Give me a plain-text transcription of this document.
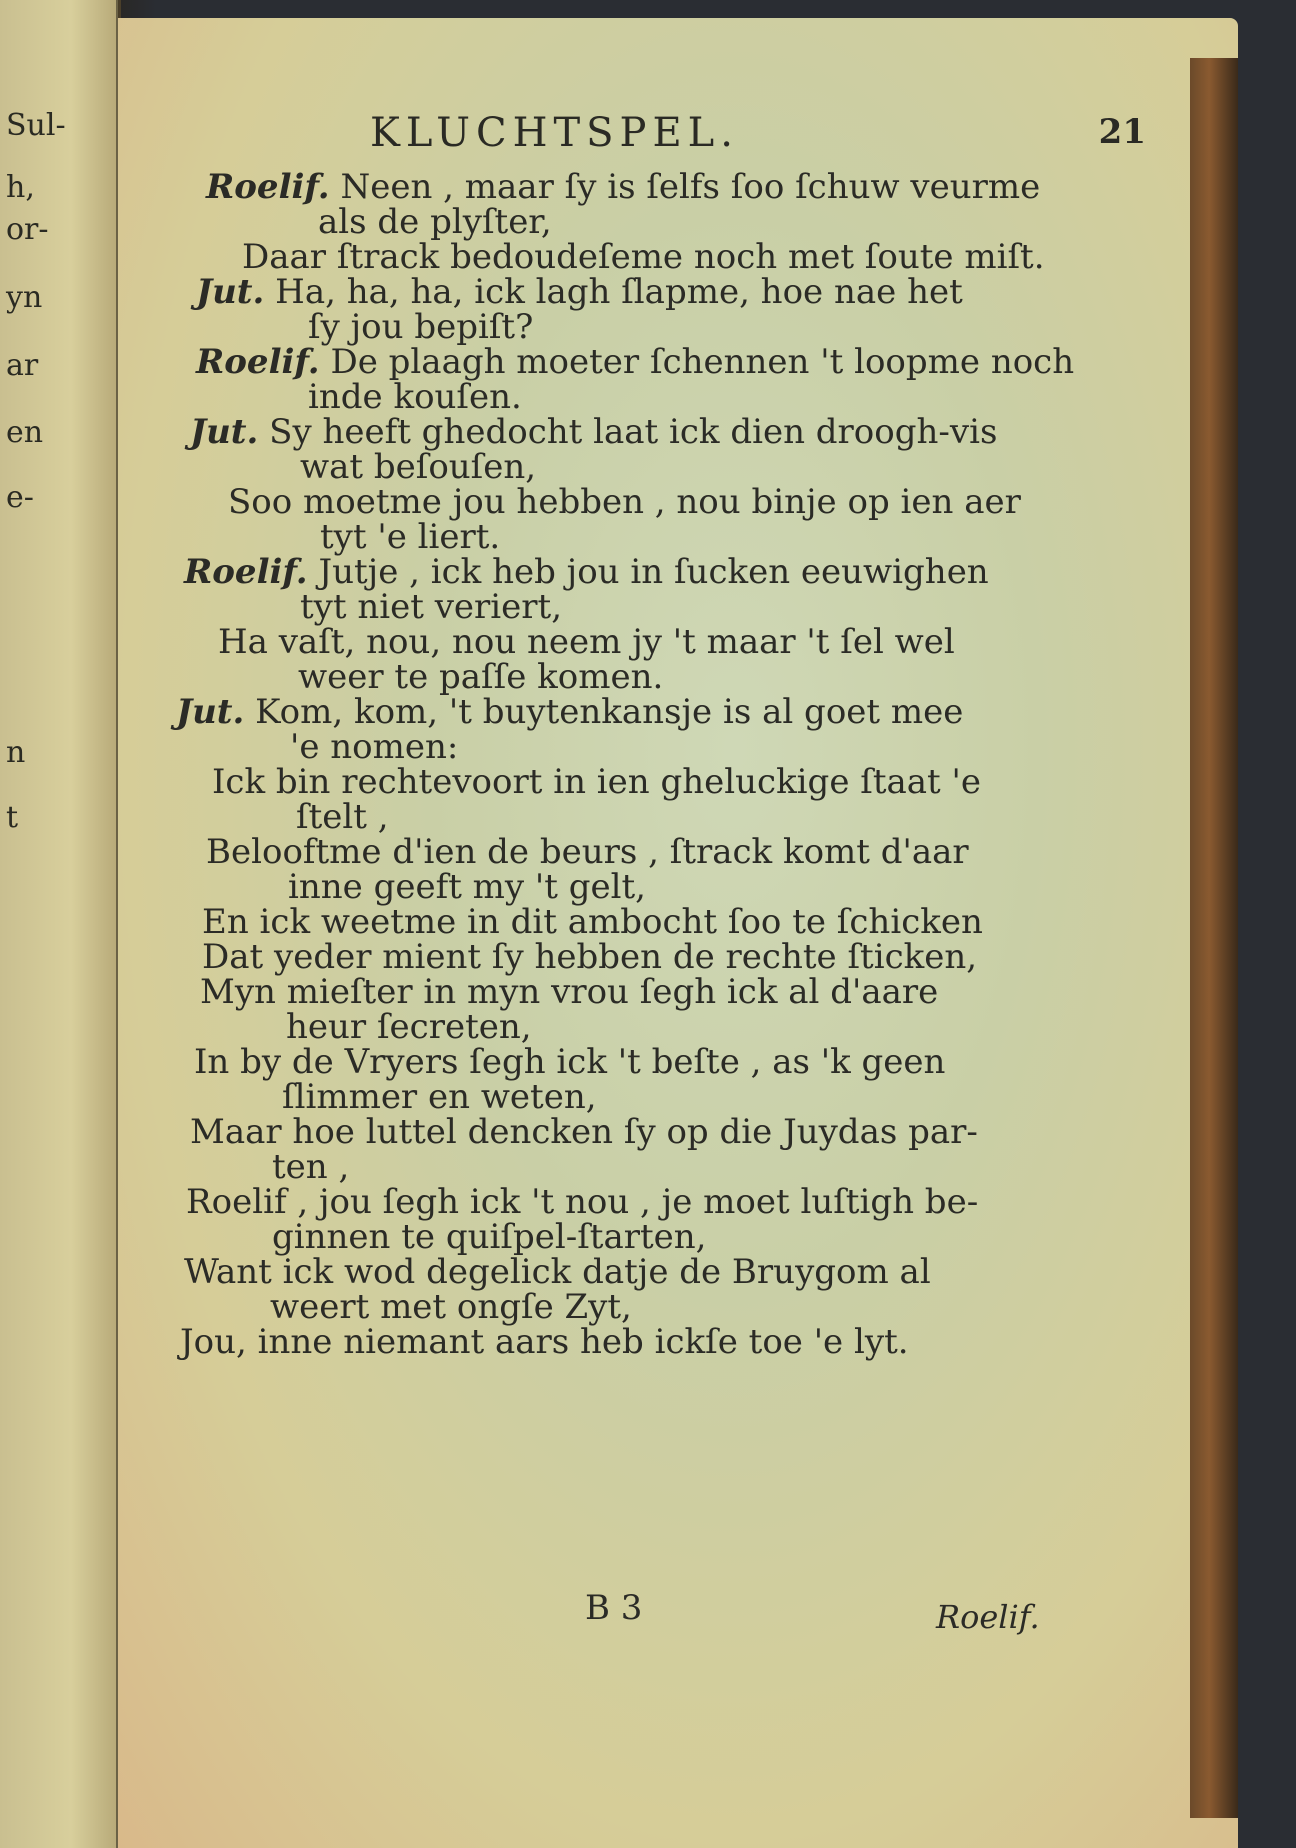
Sul-
h,
or-
yn
ar
en
e-
n
t
KLUCHTSPEL.	21
Roelif. Neen , maar ſy is ſelfs ſoo ſchuw veurme
als de plyſter,
Daar ſtrack bedoudeſeme noch met ſoute miſt.
Jut. Ha, ha, ha, ick lagh ſlapme, hoe nae het
ſy jou bepiſt?
Roelif. De plaagh moeter ſchennen 't loopme noch
inde kouſen.
Jut. Sy heeft ghedocht laat ick dien droogh-vis
wat beſouſen,
Soo moetme jou hebben , nou binje op ien aer
tyt 'e liert.
Roelif. Jutje , ick heb jou in ſucken eeuwighen
tyt niet veriert,
Ha vaſt, nou, nou neem jy 't maar 't ſel wel
weer te paſſe komen.
Jut. Kom, kom, 't buytenkansje is al goet mee
'e nomen:
Ick bin rechtevoort in ien gheluckige ſtaat 'e
ſtelt ,
Belooftme d'ien de beurs , ſtrack komt d'aar
inne geeft my 't gelt,
En ick weetme in dit ambocht ſoo te ſchicken
Dat yeder mient ſy hebben de rechte ſticken,
Myn mieſter in myn vrou ſegh ick al d'aare
heur ſecreten,
In by de Vryers ſegh ick 't beſte , as 'k geen
ſlimmer en weten,
Maar hoe luttel dencken ſy op die Juydas par-
ten ,
Roelif , jou ſegh ick 't nou , je moet luſtigh be-
ginnen te quiſpel-ſtarten,
Want ick wod degelick datje de Bruygom al
weert met ongſe Zyt,
Jou, inne niemant aars heb ickſe toe 'e lyt.
B 3	Roelif.
